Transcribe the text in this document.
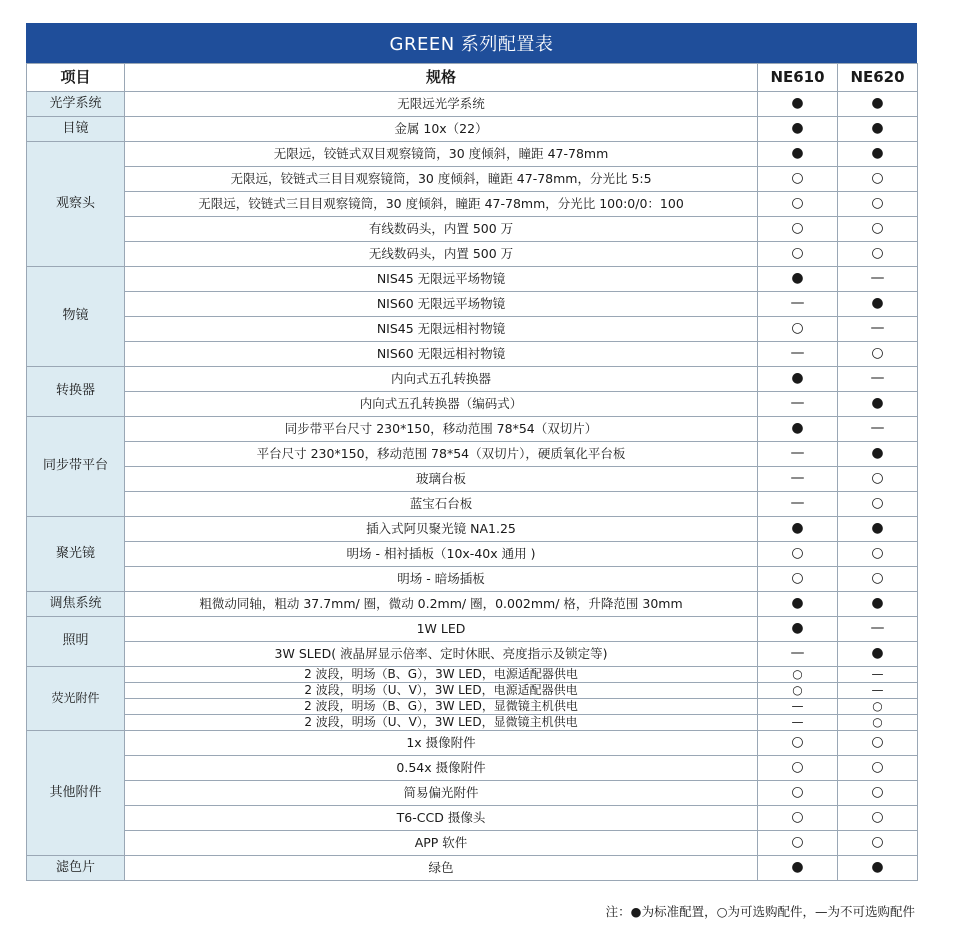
GREEN 系列配置表
项目	规格	NE610	NE620
光学系统	无限远光学系统	●	●
目镜	金属 10x（22）	●	●
观察头	无限远，铰链式双目观察镜筒，30 度倾斜，瞳距 47-78mm	●	●
	无限远，铰链式三目目观察镜筒，30 度倾斜，瞳距 47-78mm，分光比 5:5	○	○
	无限远，铰链式三目目观察镜筒，30 度倾斜，瞳距 47-78mm，分光比 100:0/0：100	○	○
	有线数码头，内置 500 万	○	○
	无线数码头，内置 500 万	○	○
物镜	NIS45 无限远平场物镜	●	—
	NIS60 无限远平场物镜	—	●
	NIS45 无限远相衬物镜	○	—
	NIS60 无限远相衬物镜	—	○
转换器	内向式五孔转换器	●	—
	内向式五孔转换器（编码式）	—	●
同步带平台	同步带平台尺寸 230*150，移动范围 78*54（双切片）	●	—
	平台尺寸 230*150，移动范围 78*54（双切片），硬质氧化平台板	—	●
	玻璃台板	—	○
	蓝宝石台板	—	○
聚光镜	插入式阿贝聚光镜 NA1.25	●	●
	明场 - 相衬插板（10x-40x 通用 )	○	○
	明场 - 暗场插板	○	○
调焦系统	粗微动同轴，粗动 37.7mm/ 圈，微动 0.2mm/ 圈，0.002mm/ 格，升降范围 30mm	●	●
照明	1W LED	●	—
	3W SLED( 液晶屏显示倍率、定时休眠、亮度指示及锁定等)	—	●
荧光附件	2 波段，明场（B、G），3W LED，电源适配器供电	○	—
	2 波段，明场（U、V），3W LED，电源适配器供电	○	—
	2 波段，明场（B、G），3W LED，显微镜主机供电	—	○
	2 波段，明场（U、V），3W LED，显微镜主机供电	—	○
其他附件	1x 摄像附件	○	○
	0.54x 摄像附件	○	○
	简易偏光附件	○	○
	T6-CCD 摄像头	○	○
	APP 软件	○	○
滤色片	绿色	●	●
注：●为标准配置，○为可选购配件，—为不可选购配件
